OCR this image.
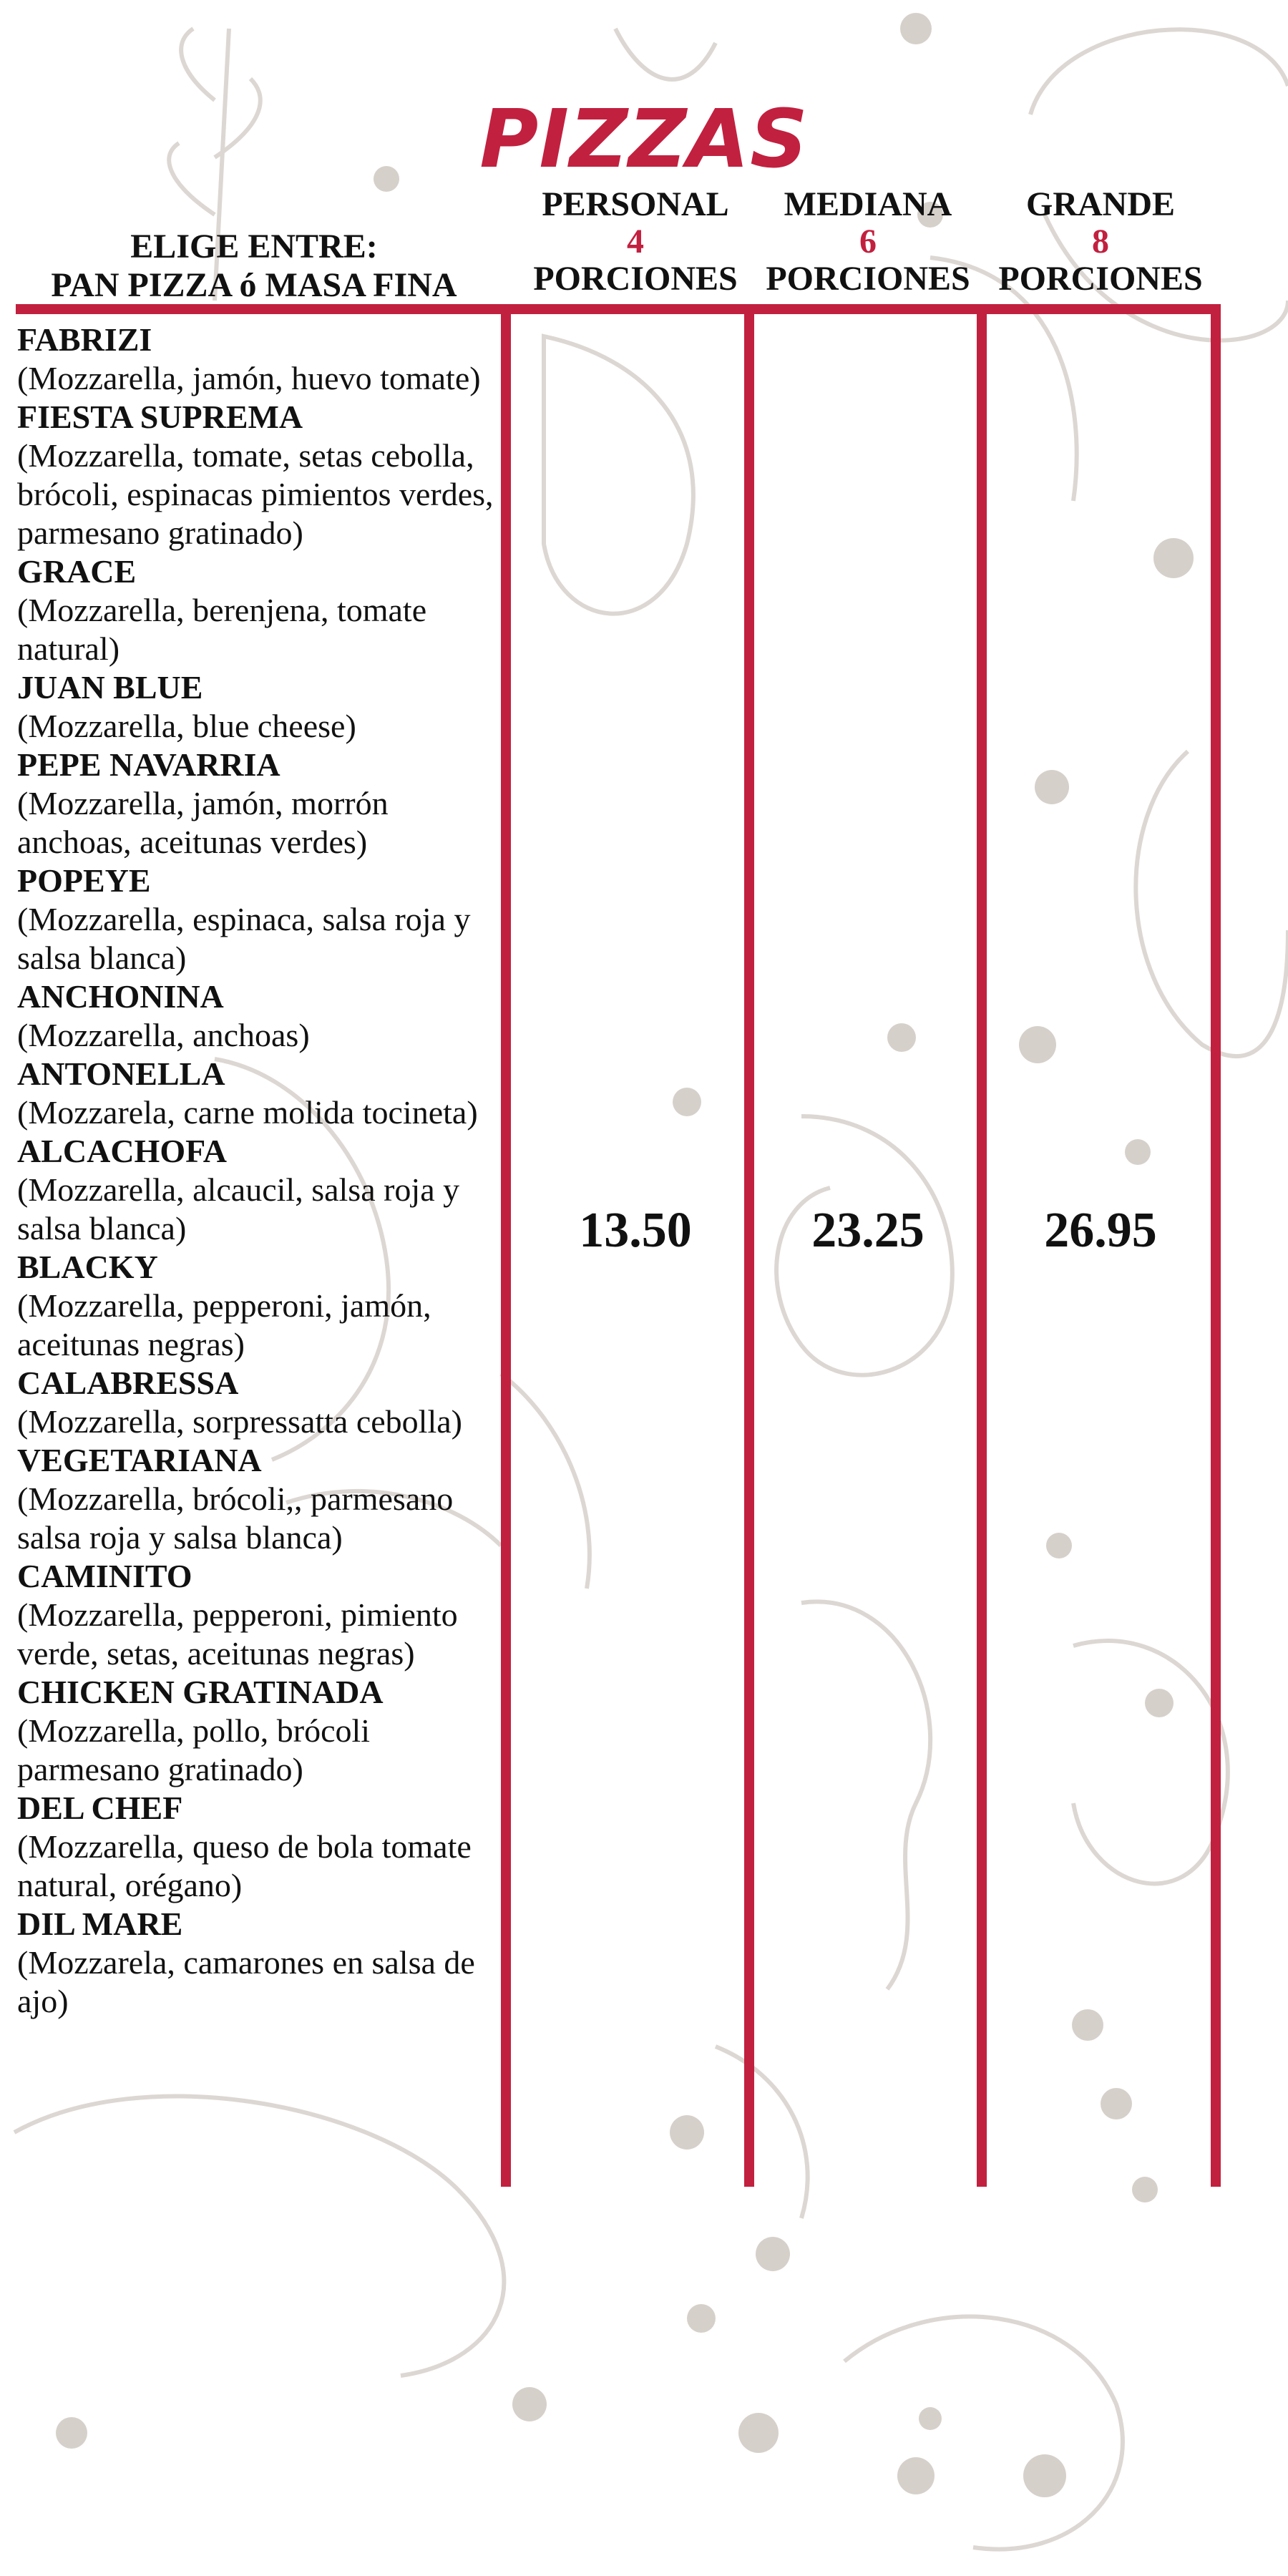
PIZZAS
ELIGE ENTRE:
PAN PIZZA ó MASA FINA
PERSONAL
4
PORCIONES
MEDIANA
6
PORCIONES
GRANDE
8
PORCIONES
FABRIZI
(Mozzarella, jamón, huevo tomate)
FIESTA SUPREMA
(Mozzarella, tomate, setas cebolla, brócoli, espinacas pimientos verdes, parmesano gratinado)
GRACE
(Mozzarella, berenjena, tomate natural)
JUAN BLUE
(Mozzarella, blue cheese)
PEPE NAVARRIA
(Mozzarella, jamón, morrón anchoas, aceitunas verdes)
POPEYE
(Mozzarella, espinaca, salsa roja y salsa blanca)
ANCHONINA
(Mozzarella, anchoas)
ANTONELLA
(Mozzarela, carne molida tocineta)
ALCACHOFA
(Mozzarella, alcaucil, salsa roja y salsa blanca)
BLACKY
(Mozzarella, pepperoni, jamón, aceitunas negras)
CALABRESSA
(Mozzarella, sorpressatta cebolla)
VEGETARIANA
(Mozzarella, brócoli,, parmesano salsa roja y salsa blanca)
CAMINITO
(Mozzarella, pepperoni, pimiento verde, setas, aceitunas negras)
CHICKEN GRATINADA
(Mozzarella, pollo, brócoli parmesano gratinado)
DEL CHEF
(Mozzarella, queso de bola tomate natural, orégano)
DIL MARE
(Mozzarela, camarones en salsa de ajo)
13.50	23.25	26.95
